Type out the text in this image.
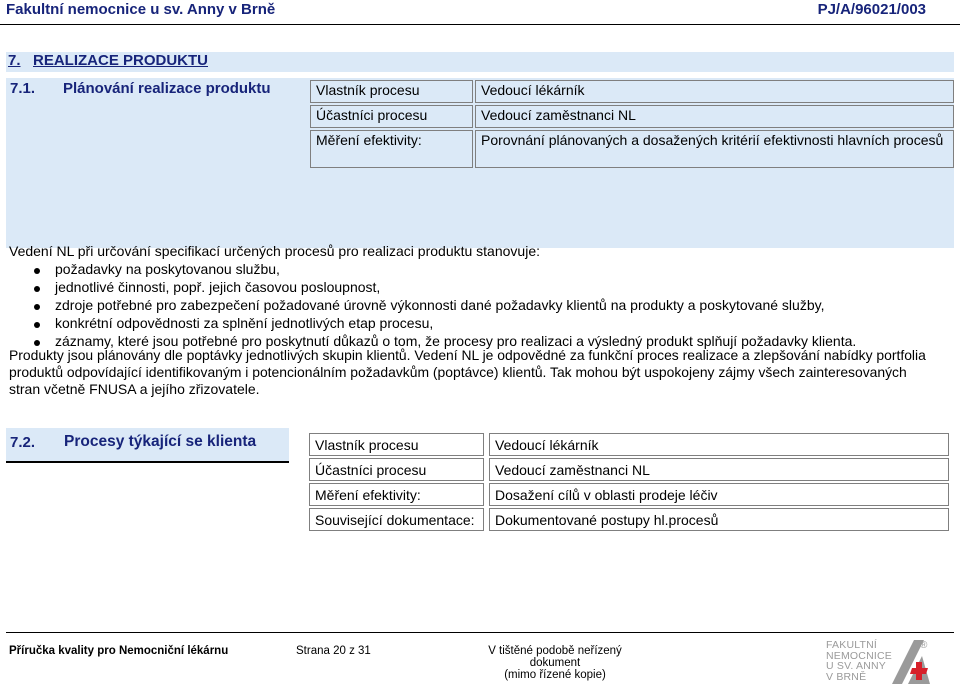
Fakultní nemocnice u sv. Anny v Brně	PJ/A/96021/003
7. REALIZACE PRODUKTU
7.1. Plánování realizace produktu	Vlastník procesu	Vedoucí lékárník
Účastníci procesu	Vedoucí zaměstnanci NL
Měření efektivity:	Porovnání plánovaných a dosažených kritérií efektivnosti hlavních procesů
Vedení NL při určování specifikací určených procesů pro realizaci produktu stanovuje:
požadavky na poskytovanou službu,
jednotlivé činnosti, popř. jejich časovou posloupnost,
zdroje potřebné pro zabezpečení požadované úrovně výkonnosti dané požadavky klientů na produkty a poskytované služby,
konkrétní odpovědnosti za splnění jednotlivých etap procesu,
záznamy, které jsou potřebné pro poskytnutí důkazů o tom, že procesy pro realizaci a výsledný produkt splňují požadavky klienta.
Produkty jsou plánovány dle poptávky jednotlivých skupin klientů. Vedení NL je odpovědné za funkční proces realizace a zlepšování nabídky portfolia
produktů odpovídající identifikovaným i potencionálním požadavkům (poptávce) klientů. Tak mohou být uspokojeny zájmy všech zainteresovaných
stran včetně FNUSA a jejího zřizovatele.
7.2. Procesy týkající se klienta	Vlastník procesu	Vedoucí lékárník
Účastníci procesu	Vedoucí zaměstnanci NL
Měření efektivity:	Dosažení cílů v oblasti prodeje léčiv
Související dokumentace:	Dokumentované postupy hl.procesů
Příručka kvality pro Nemocniční lékárnu	Strana 20 z 31	V tištěné podobě neřízený dokument
(mimo řízené kopie)
FAKULTNÍ
NEMOCNICE
U SV. ANNY
V BRNĚ
®
